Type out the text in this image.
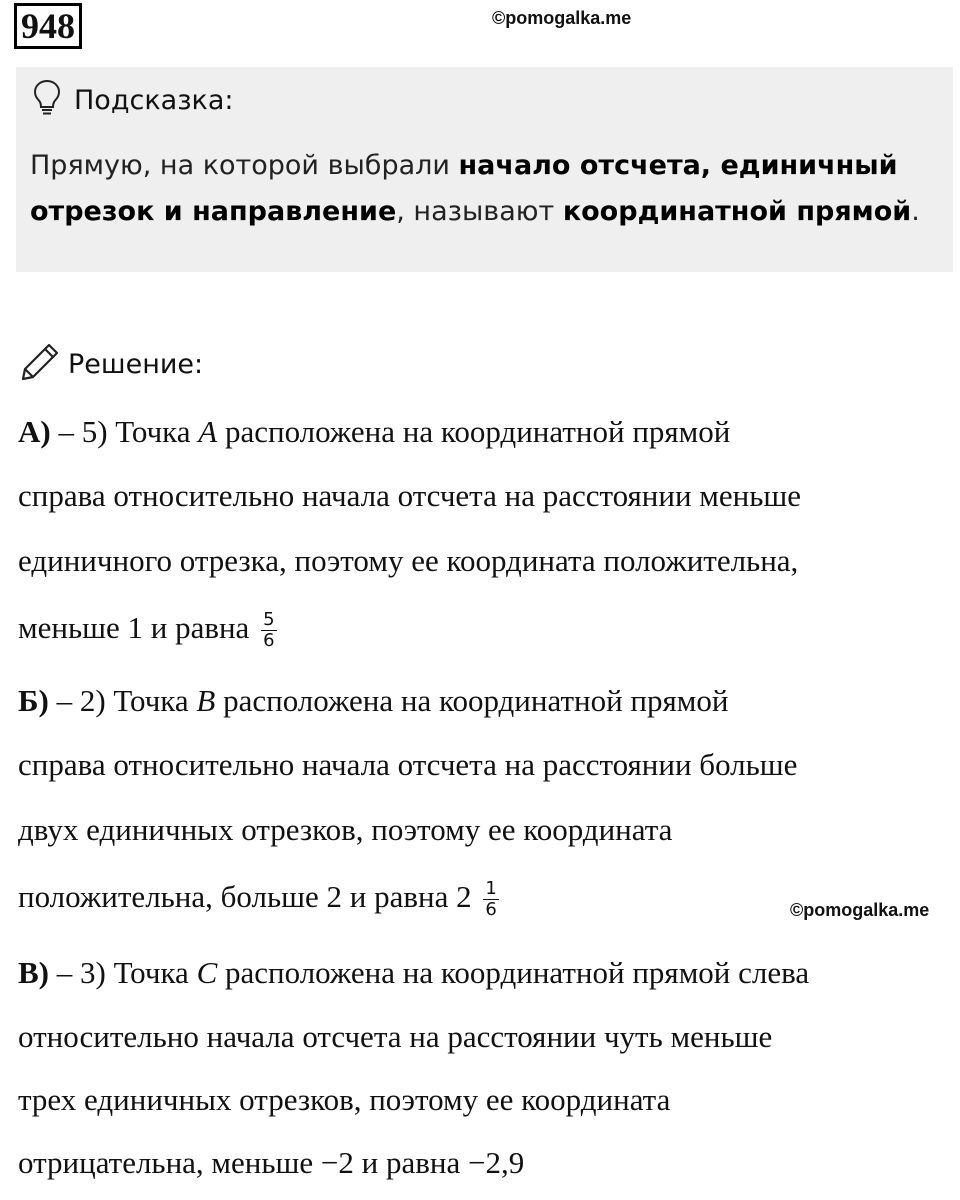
948	©pomogalka.me
Подсказка:
Прямую, на которой выбрали начало отсчета, единичный отрезок и направление, называют координатной прямой.
Решение:
А) – 5) Точка A расположена на координатной прямой
справа относительно начала отсчета на расстоянии меньше
единичного отрезка, поэтому ее координата положительна,
меньше 1 и равна $\frac{5}{6}$
Б) – 2) Точка B расположена на координатной прямой
справа относительно начала отсчета на расстоянии больше
двух единичных отрезков, поэтому ее координата
положительна, больше 2 и равна $2 \frac{1}{6}$	©pomogalka.me
В) – 3) Точка C расположена на координатной прямой слева
относительно начала отсчета на расстоянии чуть меньше
трех единичных отрезков, поэтому ее координата
отрицательна, меньше −2 и равна −2,9
